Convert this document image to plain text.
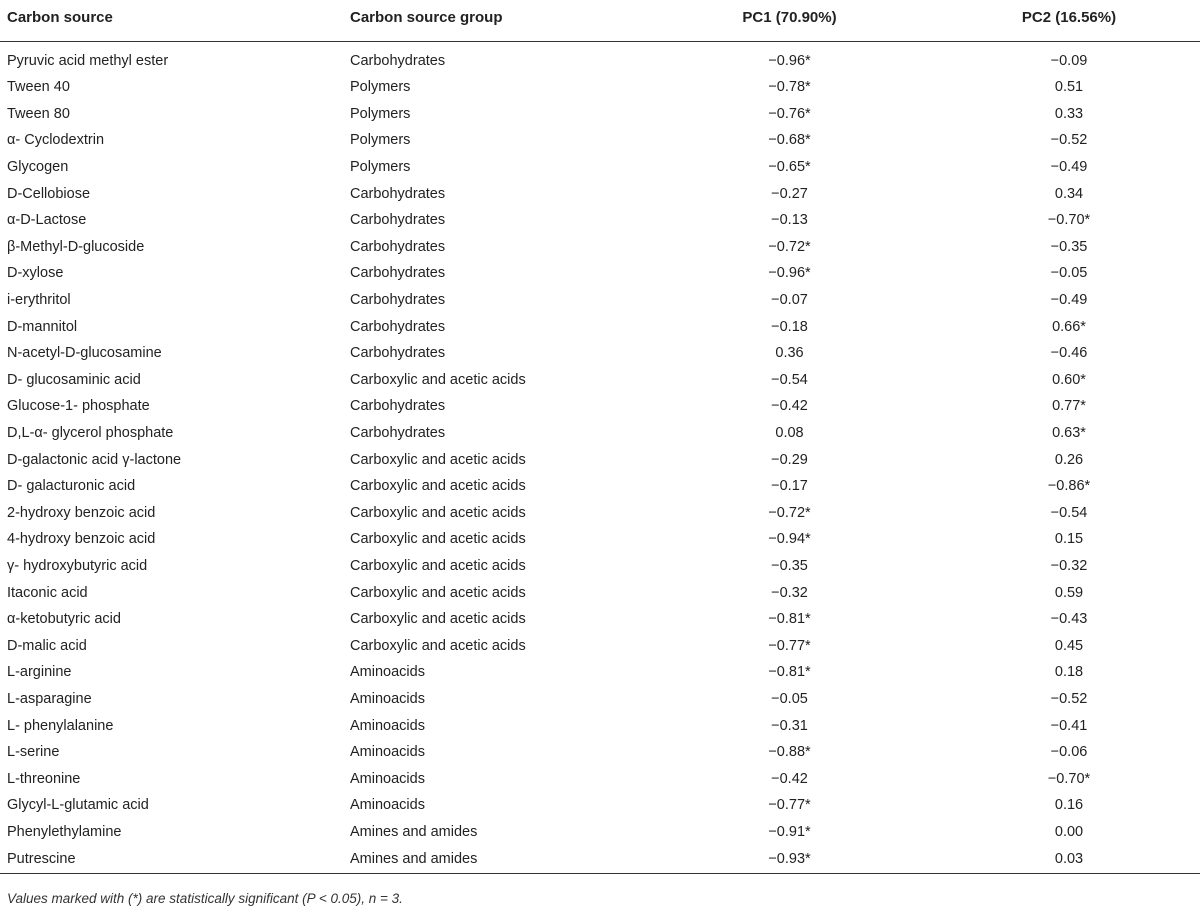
Carbon source	Carbon source group	PC1 (70.90%)	PC2 (16.56%)
Pyruvic acid methyl ester	Carbohydrates	−0.96*	−0.09
Tween 40	Polymers	−0.78*	0.51
Tween 80	Polymers	−0.76*	0.33
α- Cyclodextrin	Polymers	−0.68*	−0.52
Glycogen	Polymers	−0.65*	−0.49
D-Cellobiose	Carbohydrates	−0.27	0.34
α-D-Lactose	Carbohydrates	−0.13	−0.70*
β-Methyl-D-glucoside	Carbohydrates	−0.72*	−0.35
D-xylose	Carbohydrates	−0.96*	−0.05
i-erythritol	Carbohydrates	−0.07	−0.49
D-mannitol	Carbohydrates	−0.18	0.66*
N-acetyl-D-glucosamine	Carbohydrates	0.36	−0.46
D- glucosaminic acid	Carboxylic and acetic acids	−0.54	0.60*
Glucose-1- phosphate	Carbohydrates	−0.42	0.77*
D,L-α- glycerol phosphate	Carbohydrates	0.08	0.63*
D-galactonic acid γ-lactone	Carboxylic and acetic acids	−0.29	0.26
D- galacturonic acid	Carboxylic and acetic acids	−0.17	−0.86*
2-hydroxy benzoic acid	Carboxylic and acetic acids	−0.72*	−0.54
4-hydroxy benzoic acid	Carboxylic and acetic acids	−0.94*	0.15
γ- hydroxybutyric acid	Carboxylic and acetic acids	−0.35	−0.32
Itaconic acid	Carboxylic and acetic acids	−0.32	0.59
α-ketobutyric acid	Carboxylic and acetic acids	−0.81*	−0.43
D-malic acid	Carboxylic and acetic acids	−0.77*	0.45
L-arginine	Aminoacids	−0.81*	0.18
L-asparagine	Aminoacids	−0.05	−0.52
L- phenylalanine	Aminoacids	−0.31	−0.41
L-serine	Aminoacids	−0.88*	−0.06
L-threonine	Aminoacids	−0.42	−0.70*
Glycyl-L-glutamic acid	Aminoacids	−0.77*	0.16
Phenylethylamine	Amines and amides	−0.91*	0.00
Putrescine	Amines and amides	−0.93*	0.03
Values marked with (*) are statistically significant (P < 0.05), n = 3.
